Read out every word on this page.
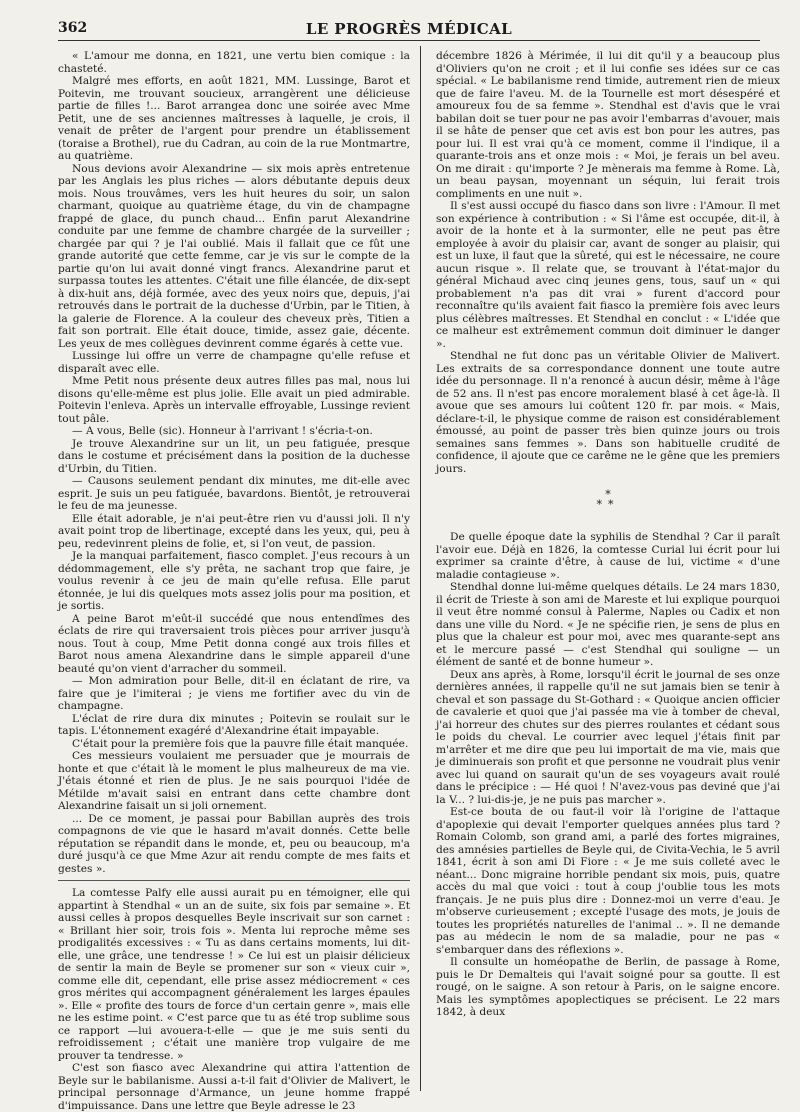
362	LE PROGRÈS MÉDICAL

« L'amour me donna, en 1821, une vertu bien comique : la chasteté.

Malgré mes efforts, en août 1821, MM. Lussinge, Barot et Poitevin, me trouvant soucieux, arrangèrent une délicieuse partie de filles !... Barot arrangea donc une soirée avec Mme Petit, une de ses anciennes maîtresses à laquelle, je crois, il venait de prêter de l'argent pour prendre un établissement (toraise a Brothel), rue du Cadran, au coin de la rue Montmartre, au quatrième.

Nous devions avoir Alexandrine — six mois après entretenue par les Anglais les plus riches — alors débutante depuis deux mois. Nous trouvâmes, vers les huit heures du soir, un salon charmant, quoique au quatrième étage, du vin de champagne frappé de glace, du punch chaud... Enfin parut Alexandrine conduite par une femme de chambre chargée de la surveiller ; chargée par qui ? je l'ai oublié. Mais il fallait que ce fût une grande autorité que cette femme, car je vis sur le compte de la partie qu'on lui avait donné vingt francs. Alexandrine parut et surpassa toutes les attentes. C'était une fille élancée, de dix-sept à dix-huit ans, déjà formée, avec des yeux noirs que, depuis, j'ai retrouvés dans le portrait de la duchesse d'Urbin, par le Titien, à la galerie de Florence. A la couleur des cheveux près, Titien a fait son portrait. Elle était douce, timide, assez gaie, décente. Les yeux de mes collègues devinrent comme égarés à cette vue.

Lussinge lui offre un verre de champagne qu'elle refuse et disparaît avec elle.

Mme Petit nous présente deux autres filles pas mal, nous lui disons qu'elle-même est plus jolie. Elle avait un pied admirable. Poitevin l'enleva. Après un intervalle effroyable, Lussinge revient tout pâle.

— A vous, Belle (sic). Honneur à l'arrivant ! s'écria-t-on.

Je trouve Alexandrine sur un lit, un peu fatiguée, presque dans le costume et précisément dans la position de la duchesse d'Urbin, du Titien.

— Causons seulement pendant dix minutes, me dit-elle avec esprit. Je suis un peu fatiguée, bavardons. Bientôt, je retrouverai le feu de ma jeunesse.

Elle était adorable, je n'ai peut-être rien vu d'aussi joli. Il n'y avait point trop de libertinage, excepté dans les yeux, qui, peu à peu, redevinrent pleins de folie, et, si l'on veut, de passion.

Je la manquai parfaitement, fiasco complet. J'eus recours à un dédommagement, elle s'y prêta, ne sachant trop que faire, je voulus revenir à ce jeu de main qu'elle refusa. Elle parut étonnée, je lui dis quelques mots assez jolis pour ma position, et je sortis.

A peine Barot m'eût-il succédé que nous entendîmes des éclats de rire qui traversaient trois pièces pour arriver jusqu'à nous. Tout à coup, Mme Petit donna congé aux trois filles et Barot nous amena Alexandrine dans le simple appareil d'une beauté qu'on vient d'arracher du sommeil.

— Mon admiration pour Belle, dit-il en éclatant de rire, va faire que je l'imiterai ; je viens me fortifier avec du vin de champagne.

L'éclat de rire dura dix minutes ; Poitevin se roulait sur le tapis. L'étonnement exagéré d'Alexandrine était impayable.

C'était pour la première fois que la pauvre fille était manquée.

Ces messieurs voulaient me persuader que je mourrais de honte et que c'était là le moment le plus malheureux de ma vie. J'étais étonné et rien de plus. Je ne sais pourquoi l'idée de Métilde m'avait saisi en entrant dans cette chambre dont Alexandrine faisait un si joli ornement.

... De ce moment, je passai pour Babillan auprès des trois compagnons de vie que le hasard m'avait donnés. Cette belle réputation se répandit dans le monde, et, peu ou beaucoup, m'a duré jusqu'à ce que Mme Azur ait rendu compte de mes faits et gestes ».

La comtesse Palfy elle aussi aurait pu en témoigner, elle qui appartint à Stendhal « un an de suite, six fois par semaine ». Et aussi celles à propos desquelles Beyle inscrivait sur son carnet : « Brillant hier soir, trois fois ». Menta lui reproche même ses prodigalités excessives : « Tu as dans certains moments, lui dit-elle, une grâce, une tendresse ! » Ce lui est un plaisir délicieux de sentir la main de Beyle se promener sur son « vieux cuir », comme elle dit, cependant, elle prise assez médiocrement « ces gros mérites qui accompagnent généralement les larges épaules ». Elle « profite des tours de force d'un certain genre », mais elle ne les estime point. « C'est parce que tu as été trop sublime sous ce rapport —lui avouera-t-elle — que je me suis senti du refroidissement ; c'était une manière trop vulgaire de me prouver ta tendresse. »

C'est son fiasco avec Alexandrine qui attira l'attention de Beyle sur le babilanisme. Aussi a-t-il fait d'Olivier de Malivert, le principal personnage d'Armance, un jeune homme frappé d'impuissance. Dans une lettre que Beyle adresse le 23

décembre 1826 à Mérimée, il lui dit qu'il y a beaucoup plus d'Oliviers qu'on ne croit ; et il lui confie ses idées sur ce cas spécial. « Le babilanisme rend timide, autrement rien de mieux que de faire l'aveu. M. de la Tournelle est mort désespéré et amoureux fou de sa femme ». Stendhal est d'avis que le vrai babilan doit se tuer pour ne pas avoir l'embarras d'avouer, mais il se hâte de penser que cet avis est bon pour les autres, pas pour lui. Il est vrai qu'à ce moment, comme il l'indique, il a quarante-trois ans et onze mois : « Moi, je ferais un bel aveu. On me dirait : qu'importe ? Je mènerais ma femme à Rome. Là, un beau paysan, moyennant un séquin, lui ferait trois compliments en une nuit ».

Il s'est aussi occupé du fiasco dans son livre : l'Amour. Il met son expérience à contribution : « Si l'âme est occupée, dit-il, à avoir de la honte et à la surmonter, elle ne peut pas être employée à avoir du plaisir car, avant de songer au plaisir, qui est un luxe, il faut que la sûreté, qui est le nécessaire, ne coure aucun risque ». Il relate que, se trouvant à l'état-major du général Michaud avec cinq jeunes gens, tous, sauf un « qui probablement n'a pas dit vrai » furent d'accord pour reconnaître qu'ils avaient fait fiasco la première fois avec leurs plus célèbres maîtresses. Et Stendhal en conclut : « L'idée que ce malheur est extrêmement commun doit diminuer le danger ».

Stendhal ne fut donc pas un véritable Olivier de Malivert. Les extraits de sa correspondance donnent une toute autre idée du personnage. Il n'a renoncé à aucun désir, même à l'âge de 52 ans. Il n'est pas encore moralement blasé à cet âge-là. Il avoue que ses amours lui coûtent 120 fr. par mois. « Mais, déclare-t-il, le physique comme de raison est considérablement émoussé, au point de passer très bien quinze jours ou trois semaines sans femmes ». Dans son habituelle crudité de confidence, il ajoute que ce carême ne le gêne que les premiers jours.

*
**

De quelle époque date la syphilis de Stendhal ? Car il paraît l'avoir eue. Déjà en 1826, la comtesse Curial lui écrit pour lui exprimer sa crainte d'être, à cause de lui, victime « d'une maladie contagieuse ».

Stendhal donne lui-même quelques détails. Le 24 mars 1830, il écrit de Trieste à son ami de Mareste et lui explique pourquoi il veut être nommé consul à Palerme, Naples ou Cadix et non dans une ville du Nord. « Je ne spécifie rien, je sens de plus en plus que la chaleur est pour moi, avec mes quarante-sept ans et le mercure passé — c'est Stendhal qui souligne — un élément de santé et de bonne humeur ».

Deux ans après, à Rome, lorsqu'il écrit le journal de ses onze dernières années, il rappelle qu'il ne sut jamais bien se tenir à cheval et son passage du St-Gothard : « Quoique ancien officier de cavalerie et quoi que j'ai passée ma vie à tomber de cheval, j'ai horreur des chutes sur des pierres roulantes et cédant sous le poids du cheval. Le courrier avec lequel j'étais finit par m'arrêter et me dire que peu lui importait de ma vie, mais que je diminuerais son profit et que personne ne voudrait plus venir avec lui quand on saurait qu'un de ses voyageurs avait roulé dans le précipice : — Hé quoi ! N'avez-vous pas deviné que j'ai la V... ? lui-dis-je, je ne puis pas marcher ».

Est-ce bouta de ou faut-il voir là l'origine de l'attaque d'apoplexie qui devait l'emporter quelques années plus tard ? Romain Colomb, son grand ami, a parlé des fortes migraines, des amnésies partielles de Beyle qui, de Civita-Vechia, le 5 avril 1841, écrit à son ami Di Fiore : « Je me suis colleté avec le néant... Donc migraine horrible pendant six mois, puis, quatre accès du mal que voici : tout à coup j'oublie tous les mots français. Je ne puis plus dire : Donnez-moi un verre d'eau. Je m'observe curieusement ; excepté l'usage des mots, je jouis de toutes les propriétés naturelles de l'animal .. ». Il ne demande pas au médecin le nom de sa maladie, pour ne pas « s'embarquer dans des réflexions ».

Il consulte un homéopathe de Berlin, de passage à Rome, puis le Dr Demalteis qui l'avait soigné pour sa goutte. Il est rougé, on le saigne. A son retour à Paris, on le saigne encore. Mais les symptômes apoplectiques se précisent. Le 22 mars 1842, à deux
